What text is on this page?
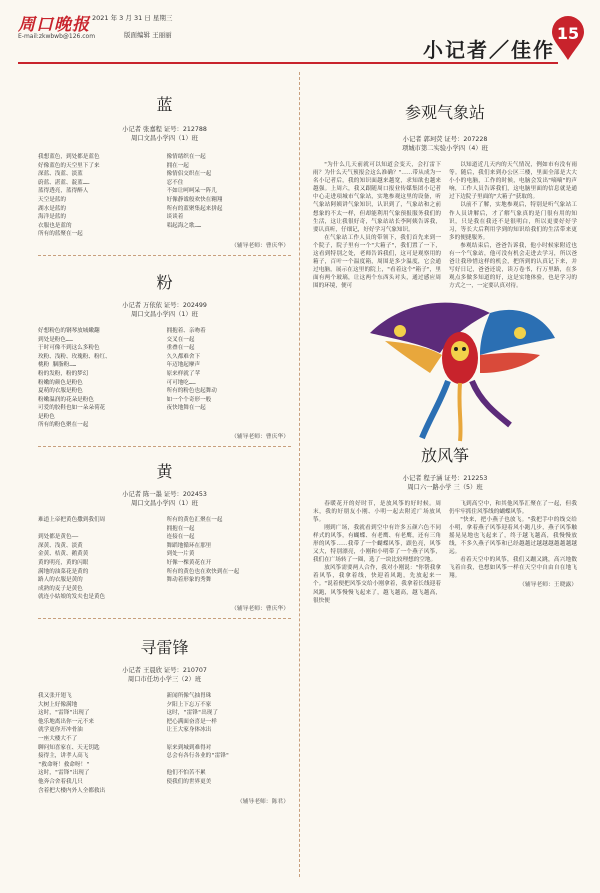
周口晚报
E-mail:zkwbwb@126.com
2021 年 3 月 31 日 星期三
版面编辑 王丽丽
小记者／佳作
15
蓝
小记者 张嘉程 证号：212788
周口文昌小学四（1）班
我想蓝色，到处都是蓝色
好像蓝色的天空里下了来
深蓝、浅蓝、淡蓝
蔚蓝、湛蓝、靛蓝……
蓝得透亮，蓝得醉人
天空是蓝的
湖水是蓝的
海洋是蓝的
衣服也是蓝的
所有的蓝聚在一起
像情绪织在一起
拥在一起
像情侣交织在一起
忍不住
不如让呵呵呆一阵儿
好像静谧般欢快在翱翔
所有的蓝聚集起来拼起
谈谈着
唱起海之歌……
（辅导老师：曹庆华）
粉
小记者 万依依 证号：202499
周口文昌小学四（1）班
好想粉色的钢琴放城嫩翻
到处是粉色……
于时可像不到这么多粉色
玫粉、浅粉、玫瑰粉、粉红、
桃粉 胭脂粉……
粉的发粉，粉的梦幻
粉嫩的颜色是粉色
夏萌的衣服是粉色
粉嫩温润的花朵是粉色
可爱的胶鞋也如一朵朵荷花
是粉色
所有的粉色聚在一起
拥抱着、亲吻着
交叉在一起
重叠在一起
久久都难舍下
年迈地起摩声
原来样就了苹
可可地吃……
所有的粉色也起舞动
如一个个奇形一般
夜快地舞在一起
（辅导老师：曹庆华）
黄
小记者 陈一墨 证号：202453
周口文昌小学四（1）班
难道上帝把黄色撒到我们周

到处都是黄色——
深黄、浅黄、淡黄
金黄、桔黄、鹅黄黄
黄的明亮，黄的闪眼
满地的油菜花是黄的
路人的衣服是黄的
成熟的麦子是黄色
就连小姑娘的发夹也是黄色
所有的黄色汇聚在一起
拥抱在一起
连接在一起
舞蹈地循环在那里
到处一片黄
好像一棵黄花在开
所有的黄色也在欢快到在一起
舞动着形象的秀舞
（辅导老师：曹庆华）
寻雷锋
小记者 王晨欣 证号：210707
周口市任坊小学三（2）班
我又张开翅飞
大树上好像满地
这时，"雷锋"出现了
他乐地离出你一元不来
就学更你开冲骨油
一座大楼大不了
聊问知喜家在、天无钥匙
接得主，讲孝人高飞
"救命呀！救命呀！"
这时，"雷锋"出现了
他奔合舍着我几只
含着把大楼内外人全都救出
新闻所像气抽胃珠
夕阳上下忘万不家
这时，"雷锋"出现了
把心满面奋喜是一样
让王大家身体冰出

原来到城到难得对
总会有各行各业的"雷锋"

他们不怕苦不累
使我们的世界更美
（辅导老师：陈君）
参观气象站
小记者 郭珂荧 证号：207228
项城市第二实验小学四（4）班

"为什么几天前就可以知道会变天，会打雷下雨？为什么天气预报会这么准确？"……带从成为一名小记者后，我的知识面越来越宽，求知欲也越来越强。上周六，我又跟随周口报业传媒集团小记者中心走进项城市气象站，实地参观这里的设备，听气象站阿姨讲气象知识，认识到了，气象站和之前想象的不太一样，但却能利用气象预报服务我们的生活，这让我很好奇，气象站站长李阿姨告诉我，要认真听，仔细记，好好学习气象知识。

在气象站工作人员的带领下，我们首先来到一个院子，院子里有一个"大箱子"，我们置了一下，这看到特别之处，老师告诉我们，这可是观察用的箱子，百叶一个温度箱，周围是多少温度，它会通过电脑，展示在这里的院上，"看着这个"箱子"，里面有两个玻璃，让这两个东西头对头，通过感应周围的环境，便可

以知道近几天内的天气情况，例如市有没有雨等。随后，我们来到办公区三楼，里面全部是大大小小的电脑，工作的时候，电脑会发出"嘀嘀"的声响，工作人员告诉我们，这电脑里面的信息就是通过下边院子里面的"大箱子"获取的。

以前不了解，实地参观后，特别是听气象站工作人员讲解后，才了解气象真的是门很有用的知识，只是我在我还不是很明白，所以更要好好学习，等长大后利用学到的知识给我们的生活带来更多的便捷服务。

参观结束后，爸爸告诉我，他小时候家附近也有一个气象站，他可没有机会走进去学习，所以爸爸让我珍惜这样的机会，把所到的认真记下来，并写好日记，爸爸还说，读万卷书，行万里路，在多观点多做多知道的好，这是实地体验，也是学习的方式之一，一定要认真对待。

放风筝
小记者 程子涵 证号：212253
周口六一路小学 三（5）班

春暖花开的好时节，是放风筝的好时候。周末，我的好朋友小刚、小明一起去附近广场放风筝。

刚到广场，我就看到空中有许多五颜六色不同样式的风筝，有蝴蝶、有老鹰、有老鹰，还有三角形的风筝……我带了一个蝴蝶风筝，跟色亮，风筝又大，特别漂亮，小刚和小明带了一个燕子风筝，我们在广场转了一圈，选了一块比较理想的空地。

放风筝需要两人合作，我对小刚说："你帮我拿着风筝，我拿着线，快迎着风跑，先放起来一个。"说着便把风筝交给小刚拿着，我拿着长线迎着风跑，风筝慢慢飞起来了，越飞越高，越飞越高，很快便

飞到高空中，和其他风筝汇聚在了一起，但我仍牢牢抓住风筝线的蝴蝶风筝。

"快来，把小燕子也放飞。"我把手中的线交给小明，拿着燕子风筝迎着风小跑几步，燕子风筝触摇晃晃地也飞起来了，终于越飞越高，我慢慢放线，不多久燕子风筝和已经越越过越越越越越越越远。

看着天空中的风筝，我们又蹦又跳，高兴地数飞着自我，也想如风筝一样在天空中自由自在地飞翔。

（辅导老师：王晓露）
